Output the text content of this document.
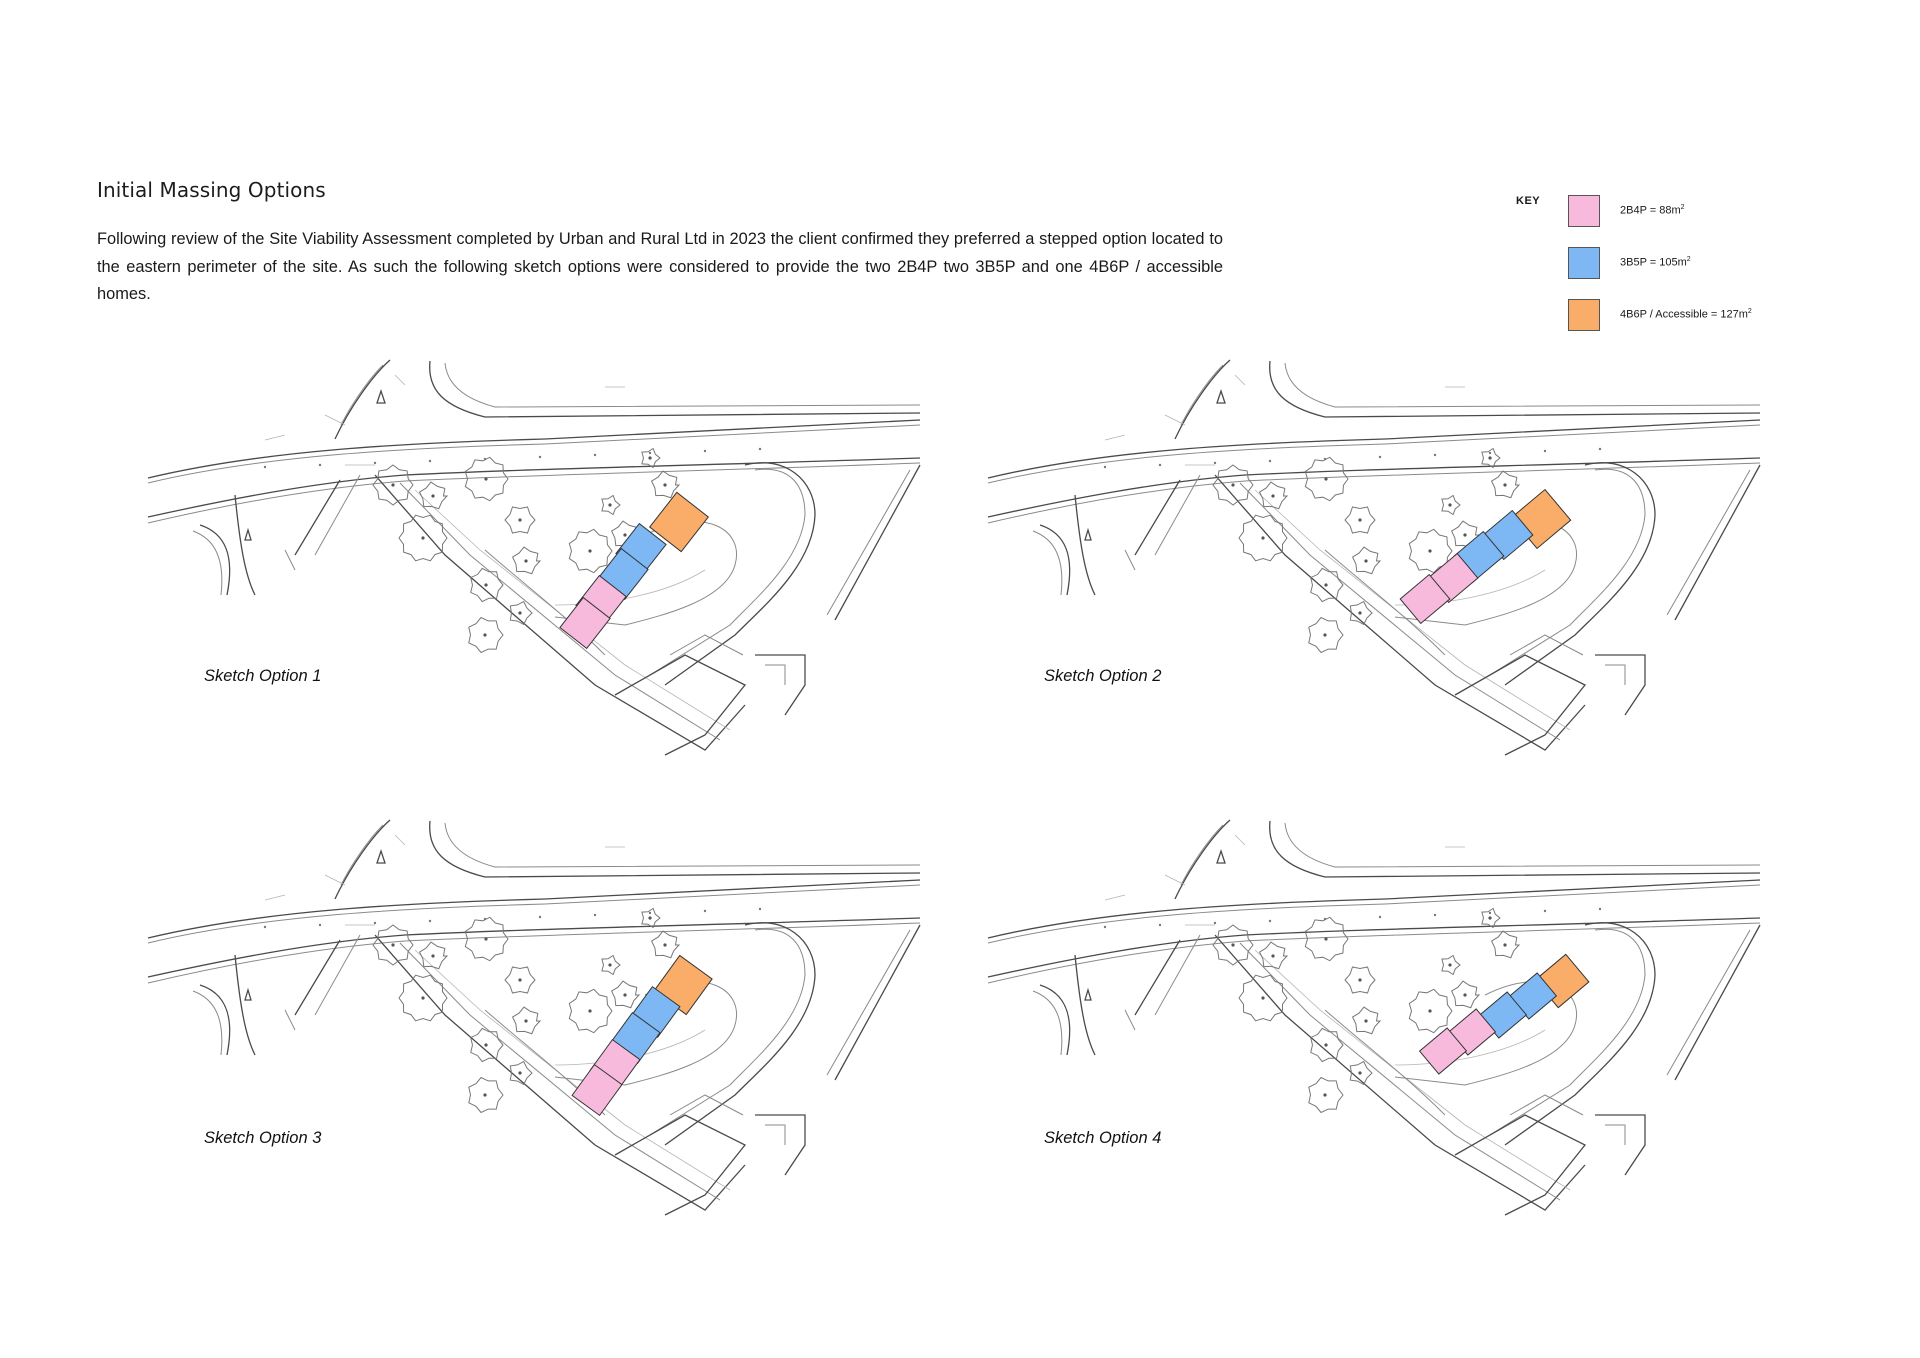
Initial Massing Options

Following review of the Site Viability Assessment completed by Urban and Rural Ltd in 2023 the client confirmed they preferred a stepped option located to the eastern perimeter of the site. As such the following sketch options were considered to provide the two 2B4P two 3B5P and one 4B6P / accessible homes.

KEY
$2B4P = 88m^2$
$3B5P = 105m^2$
4B6P / Accessible = $127m^2$
Sketch Option 1	Sketch Option 2
Sketch Option 3	Sketch Option 4
